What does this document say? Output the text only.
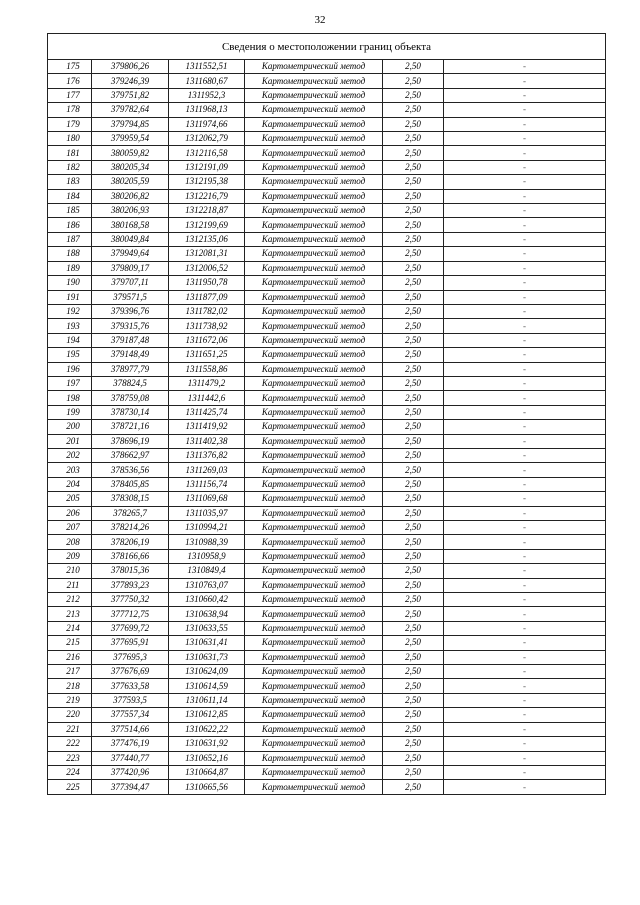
32
Сведения о местоположении границ объекта					
175	379806,26	1311552,51	Картометрический метод	2,50	-
176	379246,39	1311680,67	Картометрический метод	2,50	-
177	379751,82	1311952,3	Картометрический метод	2,50	-
178	379782,64	1311968,13	Картометрический метод	2,50	-
179	379794,85	1311974,66	Картометрический метод	2,50	-
180	379959,54	1312062,79	Картометрический метод	2,50	-
181	380059,82	1312116,58	Картометрический метод	2,50	-
182	380205,34	1312191,09	Картометрический метод	2,50	-
183	380205,59	1312195,38	Картометрический метод	2,50	-
184	380206,82	1312216,79	Картометрический метод	2,50	-
185	380206,93	1312218,87	Картометрический метод	2,50	-
186	380168,58	1312199,69	Картометрический метод	2,50	-
187	380049,84	1312135,06	Картометрический метод	2,50	-
188	379949,64	1312081,31	Картометрический метод	2,50	-
189	379809,17	1312006,52	Картометрический метод	2,50	-
190	379707,11	1311950,78	Картометрический метод	2,50	-
191	379571,5	1311877,09	Картометрический метод	2,50	-
192	379396,76	1311782,02	Картометрический метод	2,50	-
193	379315,76	1311738,92	Картометрический метод	2,50	-
194	379187,48	1311672,06	Картометрический метод	2,50	-
195	379148,49	1311651,25	Картометрический метод	2,50	-
196	378977,79	1311558,86	Картометрический метод	2,50	-
197	378824,5	1311479,2	Картометрический метод	2,50	-
198	378759,08	1311442,6	Картометрический метод	2,50	-
199	378730,14	1311425,74	Картометрический метод	2,50	-
200	378721,16	1311419,92	Картометрический метод	2,50	-
201	378696,19	1311402,38	Картометрический метод	2,50	-
202	378662,97	1311376,82	Картометрический метод	2,50	-
203	378536,56	1311269,03	Картометрический метод	2,50	-
204	378405,85	1311156,74	Картометрический метод	2,50	-
205	378308,15	1311069,68	Картометрический метод	2,50	-
206	378265,7	1311035,97	Картометрический метод	2,50	-
207	378214,26	1310994,21	Картометрический метод	2,50	-
208	378206,19	1310988,39	Картометрический метод	2,50	-
209	378166,66	1310958,9	Картометрический метод	2,50	-
210	378015,36	1310849,4	Картометрический метод	2,50	-
211	377893,23	1310763,07	Картометрический метод	2,50	-
212	377750,32	1310660,42	Картометрический метод	2,50	-
213	377712,75	1310638,94	Картометрический метод	2,50	-
214	377699,72	1310633,55	Картометрический метод	2,50	-
215	377695,91	1310631,41	Картометрический метод	2,50	-
216	377695,3	1310631,73	Картометрический метод	2,50	-
217	377676,69	1310624,09	Картометрический метод	2,50	-
218	377633,58	1310614,59	Картометрический метод	2,50	-
219	377593,5	1310611,14	Картометрический метод	2,50	-
220	377557,34	1310612,85	Картометрический метод	2,50	-
221	377514,66	1310622,22	Картометрический метод	2,50	-
222	377476,19	1310631,92	Картометрический метод	2,50	-
223	377440,77	1310652,16	Картометрический метод	2,50	-
224	377420,96	1310664,87	Картометрический метод	2,50	-
225	377394,47	1310665,56	Картометрический метод	2,50	-
